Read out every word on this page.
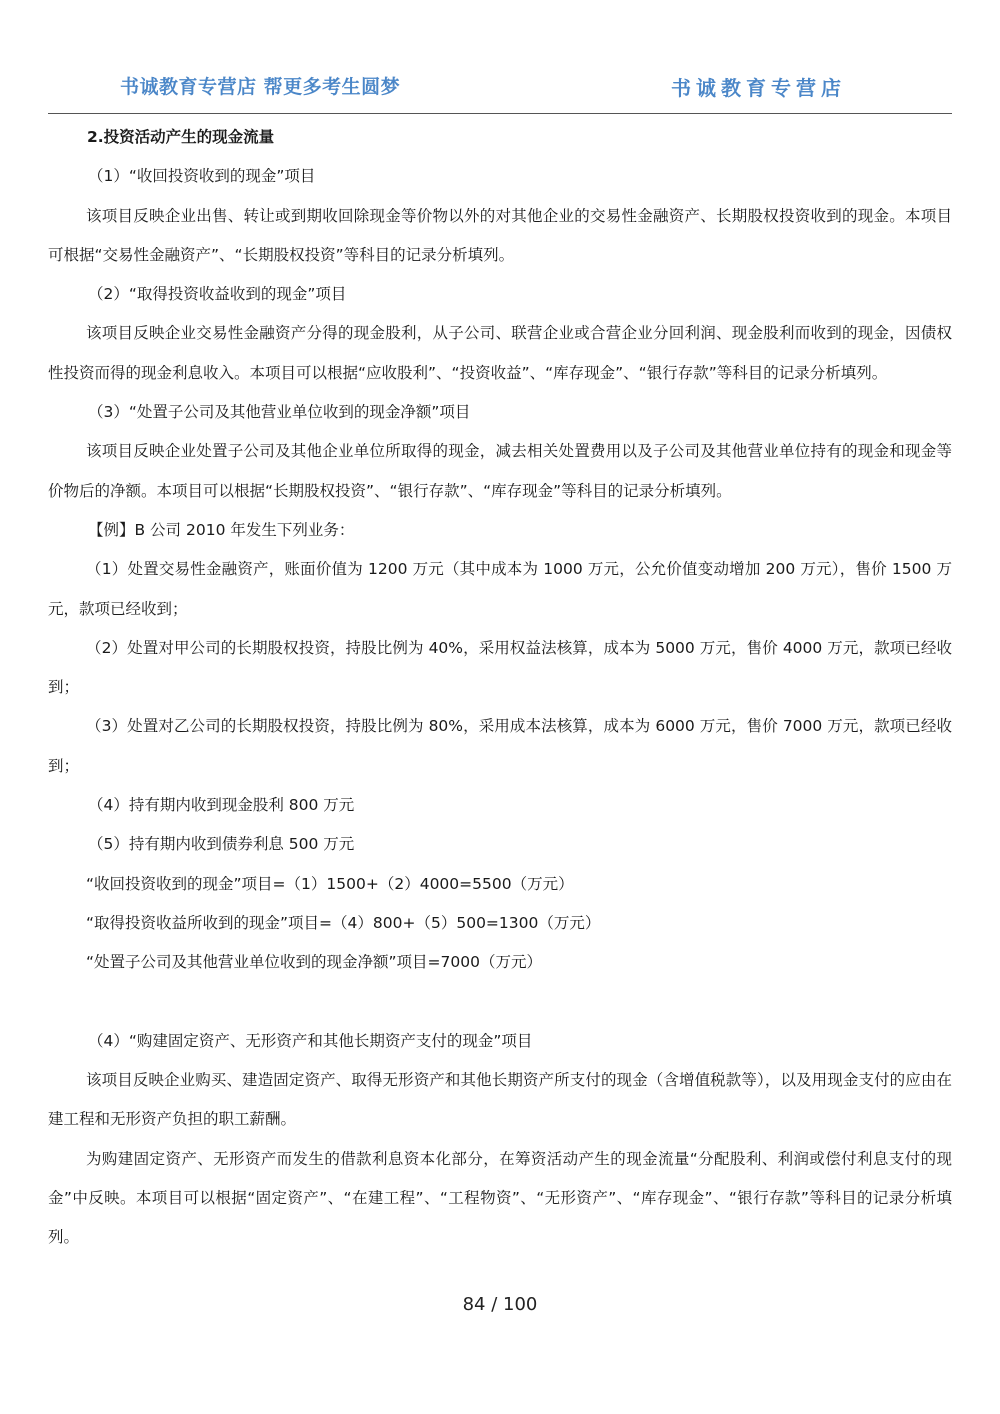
书诚教育专营店 帮更多考生圆梦	书诚教育专营店

2.投资活动产生的现金流量

（1）“收回投资收到的现金”项目

该项目反映企业出售、转让或到期收回除现金等价物以外的对其他企业的交易性金融资产、长期股权投资收到的现金。本项目可根据“交易性金融资产”、“长期股权投资”等科目的记录分析填列。

（2）“取得投资收益收到的现金”项目

该项目反映企业交易性金融资产分得的现金股利，从子公司、联营企业或合营企业分回利润、现金股利而收到的现金，因债权性投资而得的现金利息收入。本项目可以根据“应收股利”、“投资收益”、“库存现金”、“银行存款”等科目的记录分析填列。

（3）“处置子公司及其他营业单位收到的现金净额”项目

该项目反映企业处置子公司及其他企业单位所取得的现金，减去相关处置费用以及子公司及其他营业单位持有的现金和现金等价物后的净额。本项目可以根据“长期股权投资”、“银行存款”、“库存现金”等科目的记录分析填列。

【例】B 公司 2010 年发生下列业务：

（1）处置交易性金融资产，账面价值为 1200 万元（其中成本为 1000 万元，公允价值变动增加 200 万元），售价 1500 万元，款项已经收到；

（2）处置对甲公司的长期股权投资，持股比例为 40%，采用权益法核算，成本为 5000 万元，售价 4000 万元，款项已经收到；

（3）处置对乙公司的长期股权投资，持股比例为 80%，采用成本法核算，成本为 6000 万元，售价 7000 万元，款项已经收到；

（4）持有期内收到现金股利 800 万元

（5）持有期内收到债券利息 500 万元

“收回投资收到的现金”项目=（1）1500+（2）4000=5500（万元）

“取得投资收益所收到的现金”项目=（4）800+（5）500=1300（万元）

“处置子公司及其他营业单位收到的现金净额”项目=7000（万元）

（4）“购建固定资产、无形资产和其他长期资产支付的现金”项目

该项目反映企业购买、建造固定资产、取得无形资产和其他长期资产所支付的现金（含增值税款等），以及用现金支付的应由在建工程和无形资产负担的职工薪酬。

为购建固定资产、无形资产而发生的借款利息资本化部分，在筹资活动产生的现金流量“分配股利、利润或偿付利息支付的现金”中反映。本项目可以根据“固定资产”、“在建工程”、“工程物资”、“无形资产”、“库存现金”、“银行存款”等科目的记录分析填列。

84 / 100
